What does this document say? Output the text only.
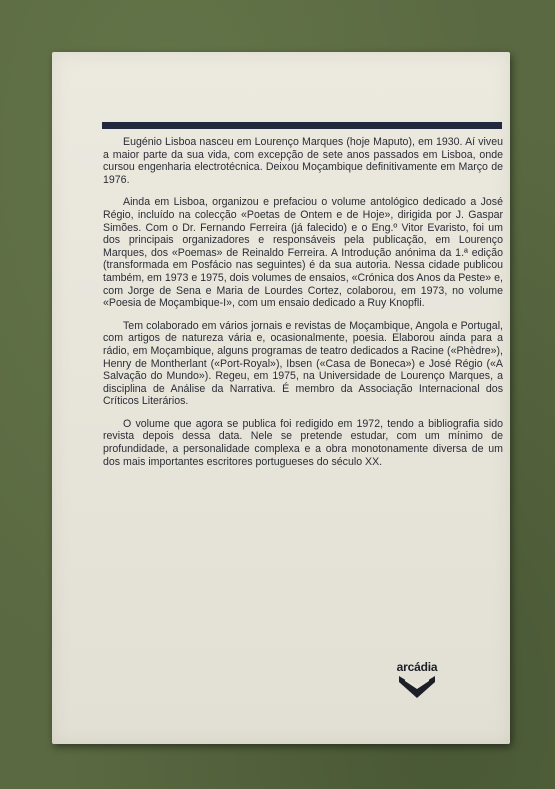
Eugénio Lisboa nasceu em Lourenço Marques (hoje Maputo), em 1930. Aí viveu a maior parte da sua vida, com excepção de sete anos passados em Lisboa, onde cursou engenharia electrotécnica. Deixou Moçambique definitivamente em Março de 1976.

Ainda em Lisboa, organizou e prefaciou o volume antológico dedicado a José Régio, incluído na colecção «Poetas de Ontem e de Hoje», dirigida por J. Gaspar Simões. Com o Dr. Fernando Ferreira (já falecido) e o Eng.º Vitor Evaristo, foi um dos principais organizadores e responsáveis pela publicação, em Lourenço Marques, dos «Poemas» de Reinaldo Ferreira. A Introdução anónima da 1.ª edição (transformada em Posfácio nas seguintes) é da sua autoria. Nessa cidade publicou também, em 1973 e 1975, dois volumes de ensaios, «Crónica dos Anos da Peste» e, com Jorge de Sena e Maria de Lourdes Cortez, colaborou, em 1973, no volume «Poesia de Moçambique-I», com um ensaio dedicado a Ruy Knopfli.

Tem colaborado em vários jornais e revistas de Moçambique, Angola e Portugal, com artigos de natureza vária e, ocasionalmente, poesia. Elaborou ainda para a rádio, em Moçambique, alguns programas de teatro dedicados a Racine («Phèdre»), Henry de Montherlant («Port-Royal»), Ibsen («Casa de Boneca») e José Régio («A Salvação do Mundo»). Regeu, em 1975, na Universidade de Lourenço Marques, a disciplina de Análise da Narrativa. É membro da Associação Internacional dos Críticos Literários.

O volume que agora se publica foi redigido em 1972, tendo a bibliografia sido revista depois dessa data. Nele se pretende estudar, com um mínimo de profundidade, a personalidade complexa e a obra monotonamente diversa de um dos mais importantes escritores portugueses do século XX.

arcádia
